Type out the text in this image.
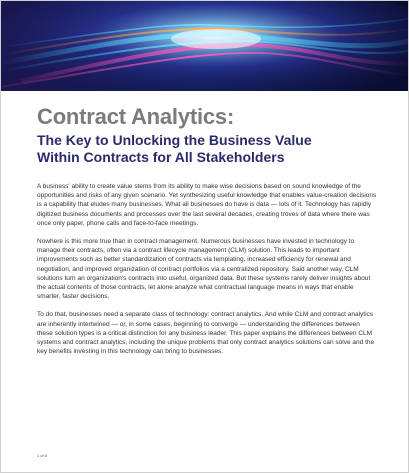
Contract Analytics:
The Key to Unlocking the Business Value
Within Contracts for All Stakeholders

A business' ability to create value stems from its ability to make wise decisions based on sound knowledge of the opportunities and risks of any given scenario. Yet synthesizing useful knowledge that enables value-creation decisions is a capability that eludes many businesses. What all businesses do have is data — lots of it. Technology has rapidly digitized business documents and processes over the last several decades, creating troves of data where there was once only paper, phone calls and face-to-face meetings.

Nowhere is this more true than in contract management. Numerous businesses have invested in technology to manage their contracts, often via a contract lifecycle management (CLM) solution. This leads to important improvements such as better standardization of contracts via templating, increased efficiency for renewal and negotiation, and improved organization of contract portfolios via a centralized repository. Said another way, CLM solutions turn an organization's contracts into useful, organized data. But these systems rarely deliver insights about the actual contents of those contracts, let alone analyze what contractual language means in ways that enable smarter, faster decisions.

To do that, businesses need a separate class of technology: contract analytics. And while CLM and contract analytics are inherently intertwined — or, in some cases, beginning to converge — understanding the differences between these solution types is a critical distinction for any business leader. This paper explains the differences between CLM systems and contract analytics, including the unique problems that only contract analytics solutions can solve and the key benefits investing in this technology can bring to businesses.

1 of 8
